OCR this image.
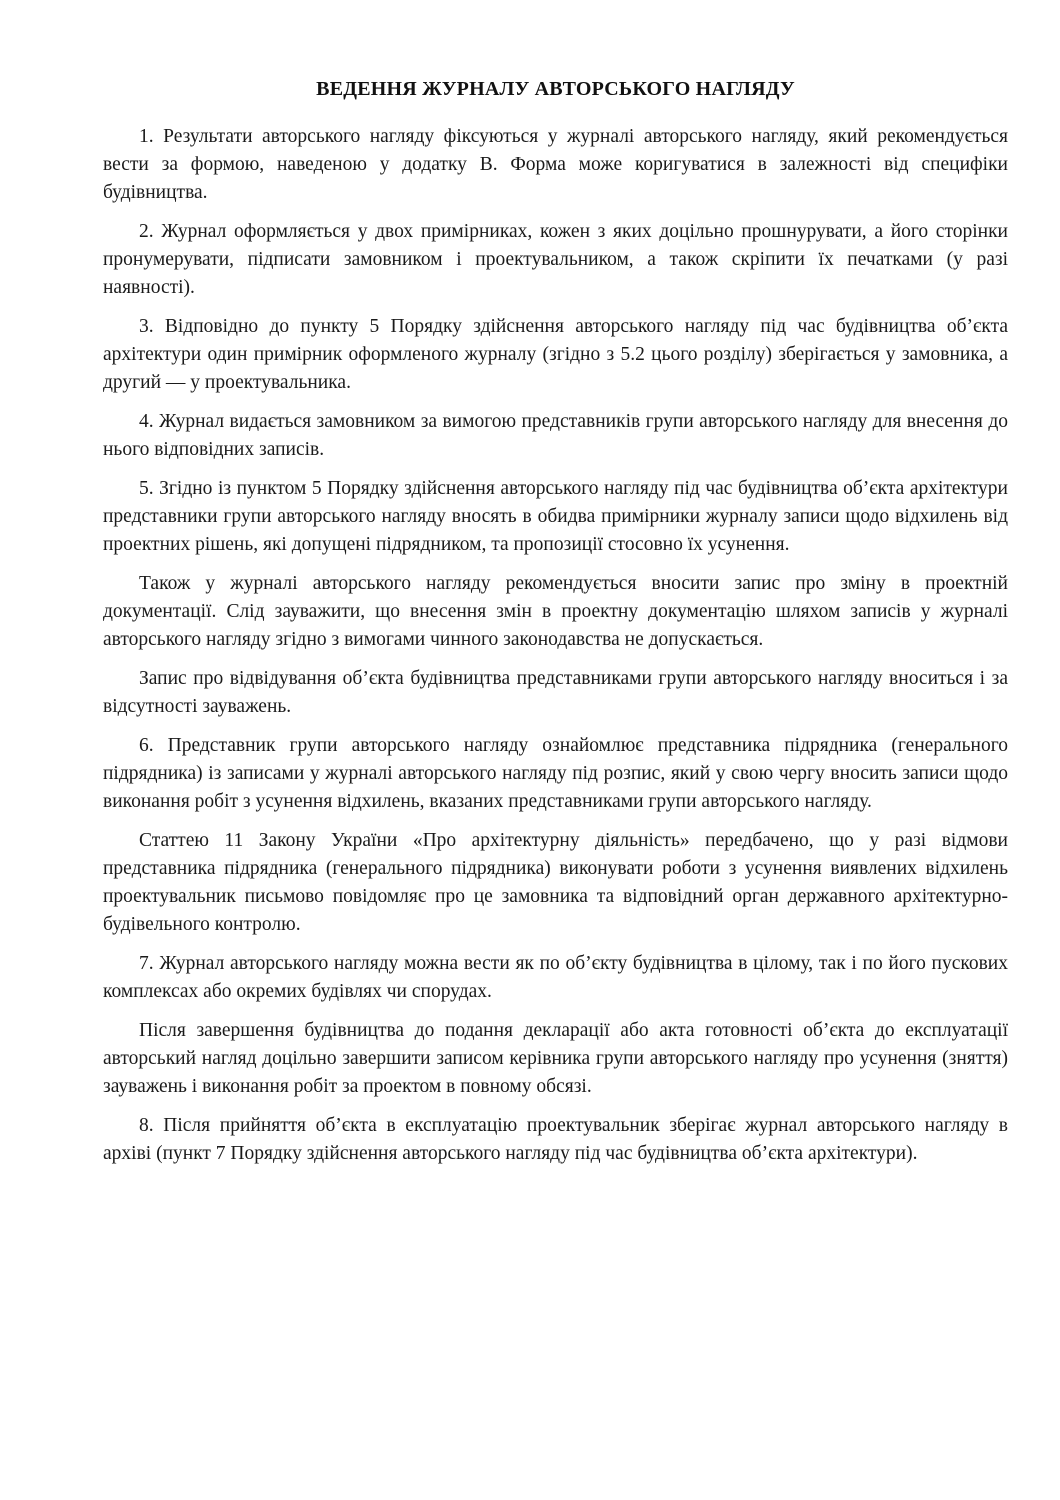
ВЕДЕННЯ ЖУРНАЛУ АВТОРСЬКОГО НАГЛЯДУ

1. Результати авторського нагляду фіксуються у журналі авторського нагляду, який рекомендується вести за формою, наведеною у додатку В. Форма може коригуватися в залежності від специфіки будівництва.

2. Журнал оформляється у двох примірниках, кожен з яких доцільно прошнурувати, а його сторінки пронумерувати, підписати замовником і проектувальником, а також скріпити їх печатками (у разі наявності).

3. Відповідно до пункту 5 Порядку здійснення авторського нагляду під час будівництва об’єкта архітектури один примірник оформленого журналу (згідно з 5.2 цього розділу) зберігається у замовника, а другий — у проектувальника.

4. Журнал видається замовником за вимогою представників групи авторського нагляду для внесення до нього відповідних записів.

5. Згідно із пунктом 5 Порядку здійснення авторського нагляду під час будівництва об’єкта архітектури представники групи авторського нагляду вносять в обидва примірники журналу записи щодо відхилень від проектних рішень, які допущені підрядником, та пропозиції стосовно їх усунення.

Також у журналі авторського нагляду рекомендується вносити запис про зміну в проектній документації. Слід зауважити, що внесення змін в проектну документацію шляхом записів у журналі авторського нагляду згідно з вимогами чинного законодавства не допускається.

Запис про відвідування об’єкта будівництва представниками групи авторського нагляду вноситься і за відсутності зауважень.

6. Представник групи авторського нагляду ознайомлює представника підрядника (генерального підрядника) із записами у журналі авторського нагляду під розпис, який у свою чергу вносить записи щодо виконання робіт з усунення відхилень, вказаних представниками групи авторського нагляду.

Статтею 11 Закону України «Про архітектурну діяльність» передбачено, що у разі відмови представника підрядника (генерального підрядника) виконувати роботи з усунення виявлених відхилень проектувальник письмово повідомляє про це замовника та відповідний орган державного архітектурно-будівельного контролю.

7. Журнал авторського нагляду можна вести як по об’єкту будівництва в цілому, так і по його пускових комплексах або окремих будівлях чи спорудах.

Після завершення будівництва до подання декларації або акта готовності об’єкта до експлуатації авторський нагляд доцільно завершити записом керівника групи авторського нагляду про усунення (зняття) зауважень і виконання робіт за проектом в повному обсязі.

8. Після прийняття об’єкта в експлуатацію проектувальник зберігає журнал авторського нагляду в архіві (пункт 7 Порядку здійснення авторського нагляду під час будівництва об’єкта архітектури).
